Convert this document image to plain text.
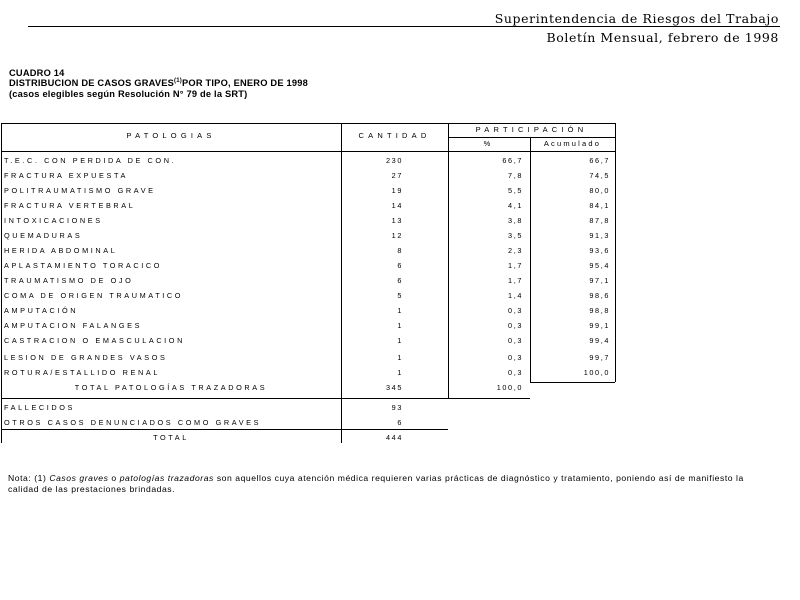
Superintendencia de Riesgos del Trabajo
Boletín Mensual, febrero de 1998
CUADRO 14
DISTRIBUCION DE CASOS GRAVES$^{(1)}$POR TIPO, ENERO DE 1998
(casos elegibles según Resolución N° 79 de la SRT)
PATOLOGIAS	CANTIDAD
PARTICIPACIÓN
%	Acumulado
T.E.C. CON PERDIDA DE CON.	230	66,7	66,7
FRACTURA EXPUESTA	27	7,8	74,5
POLITRAUMATISMO GRAVE	19	5,5	80,0
FRACTURA VERTEBRAL	14	4,1	84,1
INTOXICACIONES	13	3,8	87,8
QUEMADURAS	12	3,5	91,3
HERIDA ABDOMINAL	8	2,3	93,6
APLASTAMIENTO TORACICO	6	1,7	95,4
TRAUMATISMO DE OJO	6	1,7	97,1
COMA DE ORIGEN TRAUMATICO	5	1,4	98,6
AMPUTACIÓN	1	0,3	98,8
AMPUTACION FALANGES	1	0,3	99,1
CASTRACION O EMASCULACION	1	0,3	99,4
LESION DE GRANDES VASOS	1	0,3	99,7
ROTURA/ESTALLIDO RENAL	1	0,3	100,0
TOTAL PATOLOGÍAS TRAZADORAS	345	100,0
FALLECIDOS	93
OTROS CASOS DENUNCIADOS COMO GRAVES	6
TOTAL	444
Nota: (1) Casos graves o patologías trazadoras son aquellos cuya atención médica requieren varias prácticas de diagnóstico y tratamiento, poniendo así de manifiesto la calidad de las prestaciones brindadas.
